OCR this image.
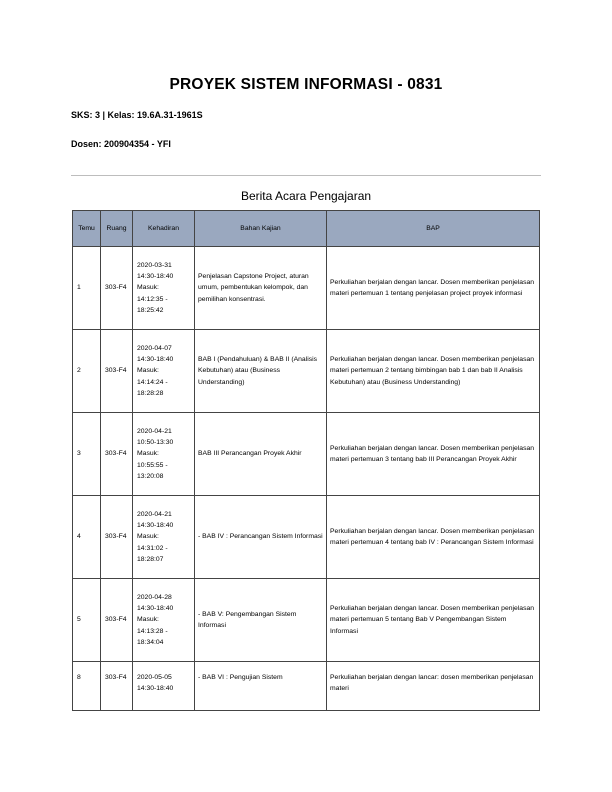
PROYEK SISTEM INFORMASI - 0831
SKS: 3 | Kelas: 19.6A.31-1961S
Dosen: 200904354 - YFI
Berita Acara Pengajaran
Temu	Ruang	Kehadiran	Bahan Kajian	BAP
1	303-F4	2020-03-31
14:30-18:40
Masuk:
14:12:35 -
18:25:42	Penjelasan Capstone Project, aturan umum, pembentukan kelompok, dan pemilihan konsentrasi.	Perkuliahan berjalan dengan lancar. Dosen memberikan penjelasan materi pertemuan 1 tentang penjelasan project proyek informasi
2	303-F4	2020-04-07
14:30-18:40
Masuk:
14:14:24 -
18:28:28	BAB I (Pendahuluan) & BAB II (Analisis Kebutuhan) atau (Business Understanding)	Perkuliahan berjalan dengan lancar. Dosen memberikan penjelasan materi pertemuan 2 tentang bimbingan bab 1 dan bab II Analisis Kebutuhan) atau (Business Understanding)
3	303-F4	2020-04-21
10:50-13:30
Masuk:
10:55:55 -
13:20:08	BAB III Perancangan Proyek Akhir	Perkuliahan berjalan dengan lancar. Dosen memberikan penjelasan materi pertemuan 3 tentang bab III Perancangan Proyek Akhir
4	303-F4	2020-04-21
14:30-18:40
Masuk:
14:31:02 -
18:28:07	- BAB IV : Perancangan Sistem Informasi	Perkuliahan berjalan dengan lancar. Dosen memberikan penjelasan materi pertemuan 4 tentang bab IV : Perancangan Sistem Informasi
5	303-F4	2020-04-28
14:30-18:40
Masuk:
14:13:28 -
18:34:04	- BAB V: Pengembangan Sistem Informasi	Perkuliahan berjalan dengan lancar. Dosen memberikan penjelasan materi pertemuan 5 tentang Bab V Pengembangan Sistem Informasi
8	303-F4	2020-05-05
14:30-18:40	- BAB VI : Pengujian Sistem	Perkuliahan berjalan dengan lancar: dosen memberikan penjelasan materi
